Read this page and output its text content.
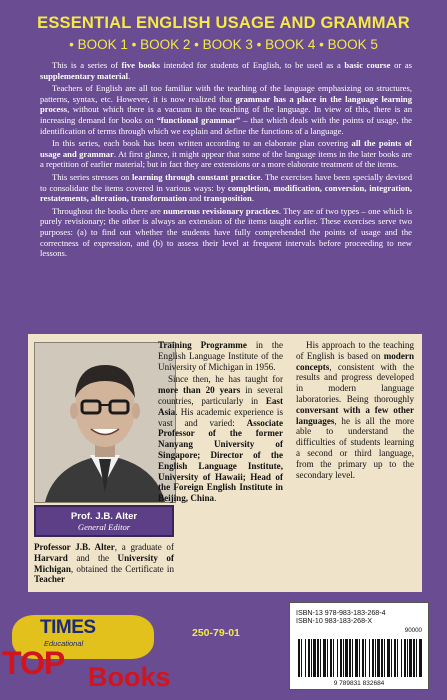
ESSENTIAL ENGLISH USAGE AND GRAMMAR
• BOOK 1 • BOOK 2 • BOOK 3 • BOOK 4 • BOOK 5

This is a series of five books intended for students of English, to be used as a basic course or as supplementary material.

Teachers of English are all too familiar with the teaching of the language emphasizing on structures, patterns, syntax, etc. However, it is now realized that grammar has a place in the language learning process, without which there is a vacuum in the teaching of the language. In view of this, there is an increasing demand for books on “functional grammar” – that which deals with the points of usage, the identification of terms through which we explain and define the functions of a language.

In this series, each book has been written according to an elaborate plan covering all the points of usage and grammar. At first glance, it might appear that some of the language items in the later books are a repetition of earlier material; but in fact they are extensions or a more elaborate treatment of the items.

This series stresses on learning through constant practice. The exercises have been specially devised to consolidate the items covered in various ways: by completion, modification, conversion, integration, restatements, alteration, transformation and transposition.

Throughout the books there are numerous revisionary practices. They are of two types – one which is purely revisionary; the other is always an extension of the items taught earlier. These exercises serve two purposes: (a) to find out whether the students have fully comprehended the points of usage and the correctness of expression, and (b) to assess their level at frequent intervals before proceeding to new lessons.

Prof. J.B. Alter
General Editor

Professor J.B. Alter, a graduate of Harvard and the University of Michigan, obtained the Certificate in Teacher

Training Programme in the English Language Institute of the University of Michigan in 1956.

Since then, he has taught for more than 20 years in several countries, particularly in East Asia. His academic experience is vast and varied: Associate Professor of the former Nanyang University of Singapore; Director of the English Language Institute, University of Hawaii; Head of the Foreign English Institute in Beijing, China.

His approach to the teaching of English is based on modern concepts, consistent with the results and progress developed in modern language laboratories. Being thoroughly conversant with a few other languages, he is all the more able to understand the difficulties of students learning a second or third language, from the primary up to the secondary level.

TIMES
Educational
250-79-01
TOP Books
ISBN-13 978-983-183-268-4
ISBN-10 983-183-268-X
90000
9 789831 832684
